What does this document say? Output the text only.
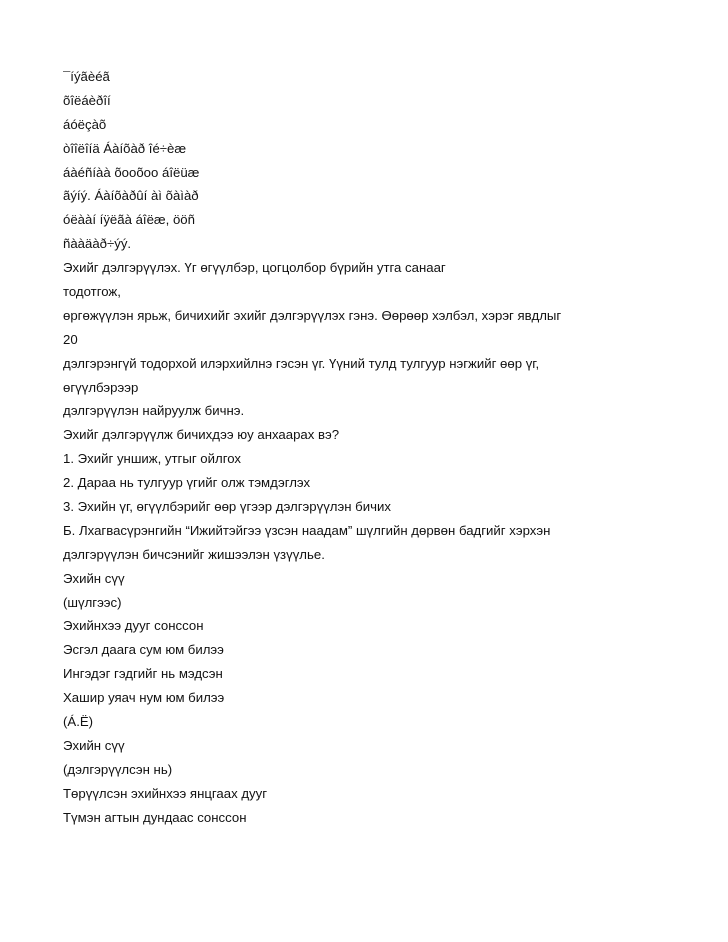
¯íýãèéã
õîëáèðîí
áóëçàõ
òîîëîíä Áàíõàð îé÷èæ
áàéñíàà õooõoo áîëüæ
ãýíý. Áàíõàðûí àì õàìàð
óëààí íÿëãà áîëæ, ööñ
ñààäàð÷ýý.
Эхийг дэлгэрүүлэх. Үг өгүүлбэр, цогцолбор бүрийн утга санааг
тодотгож,
өргөжүүлэн ярьж, бичихийг эхийг дэлгэрүүлэх гэнэ. Өөрөөр хэлбэл, хэрэг явдлыг
20
дэлгэрэнгүй тодорхой илэрхийлнэ гэсэн үг. Үүний тулд тулгуур нэгжийг өөр үг,
өгүүлбэрээр
дэлгэрүүлэн найруулж бичнэ.
Эхийг дэлгэрүүлж бичихдээ юу анхаарах вэ?
1. Эхийг уншиж, утгыг ойлгох
2. Дараа нь тулгуур үгийг олж тэмдэглэх
3. Эхийн үг, өгүүлбэрийг өөр үгээр дэлгэрүүлэн бичих
Б. Лхагвасүрэнгийн “Ижийтэйгээ үзсэн наадам” шүлгийн дөрвөн бадгийг хэрхэн
дэлгэрүүлэн бичсэнийг жишээлэн үзүүлье.
Эхийн сүү
(шүлгээс)
Эхийнхээ дууг сонссон
Эсгэл даага сум юм билээ
Ингэдэг гэдгийг нь мэдсэн
Хашир уяач нум юм билээ
(Á.Ë)
Эхийн сүү
(дэлгэрүүлсэн нь)
Төрүүлсэн эхийнхээ янцгаах дууг
Түмэн агтын дундаас сонссон
